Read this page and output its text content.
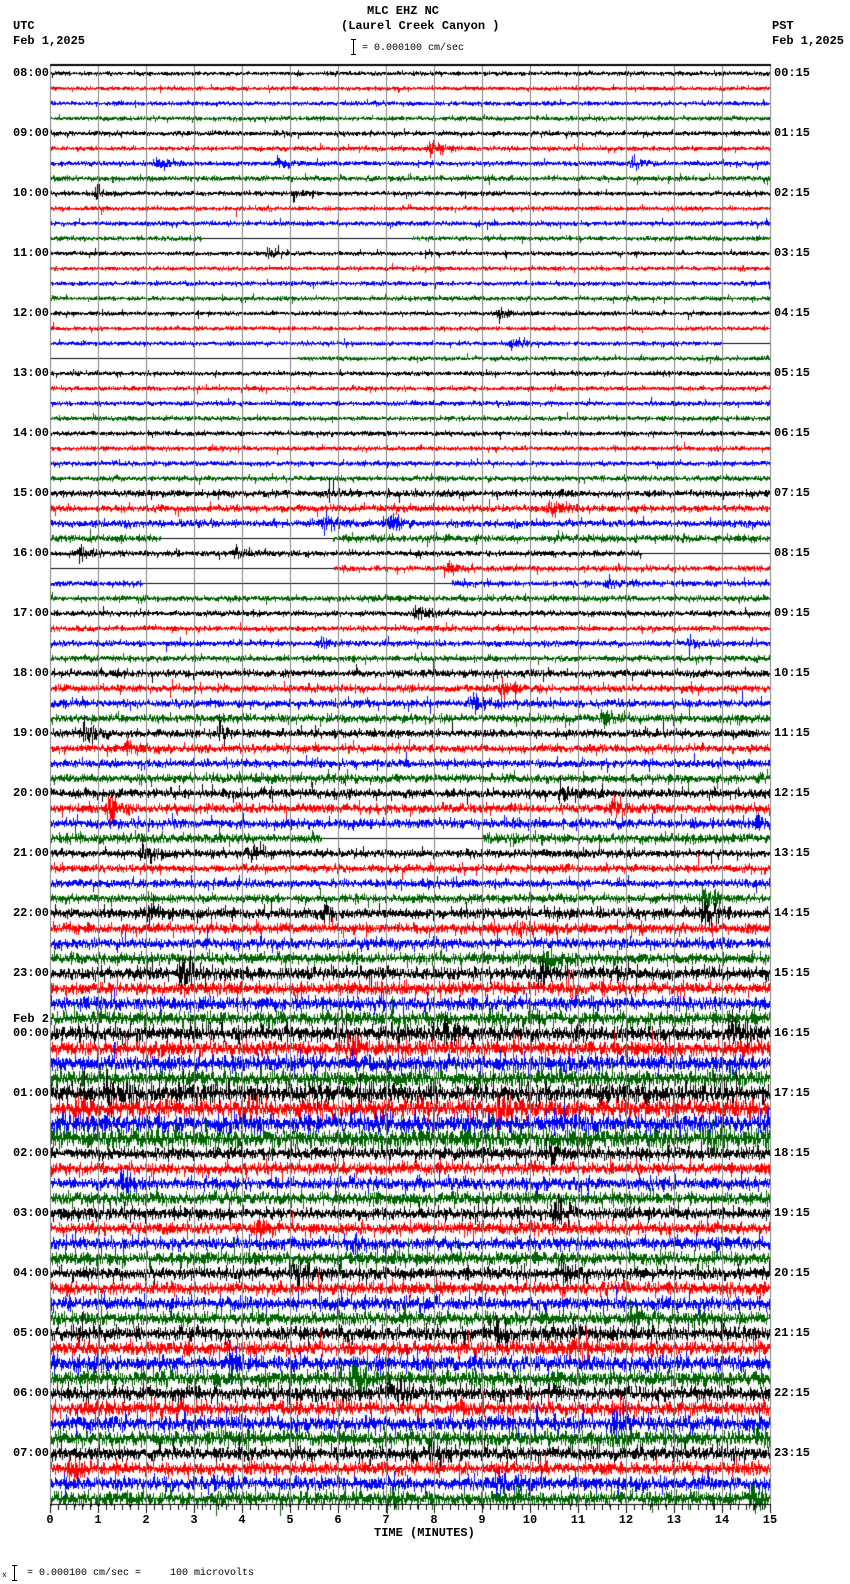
MLC EHZ NC
(Laurel Creek Canyon )
UTC
Feb 1,2025
PST
Feb 1,2025
= 0.000100 cm/sec
08:00
09:00
10:00
11:00
12:00
13:00
14:00
15:00
16:00
17:00
18:00
19:00
20:00
21:00
22:00
23:00
00:00
Feb 2
01:00
02:00
03:00
04:00
05:00
06:00
07:00
00:15
01:15
02:15
03:15
04:15
05:15
06:15
07:15
08:15
09:15
10:15
11:15
12:15
13:15
14:15
15:15
16:15
17:15
18:15
19:15
20:15
21:15
22:15
23:15
0	1	2	3	4	5	6	7	8	9	10	11	12	13	14	15
TIME (MINUTES)
x = 0.000100 cm/sec =	100 microvolts
